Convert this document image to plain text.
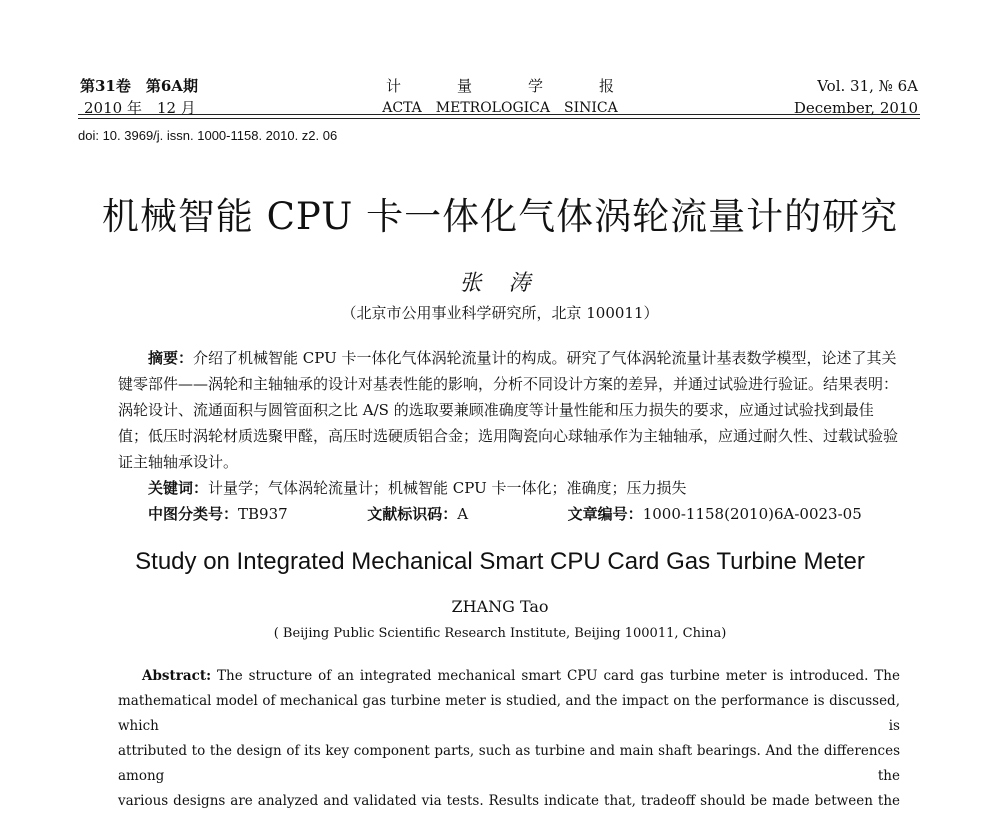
第31卷　第6A期
2010 年　12 月
计	量	学	报
ACTA　METROLOGICA　SINICA
Vol. 31, № 6A
December, 2010
doi: 10. 3969/j. issn. 1000-1158. 2010. z2. 06
机械智能 CPU 卡一体化气体涡轮流量计的研究
张 涛
（北京市公用事业科学研究所，北京 100011）

摘要：介绍了机械智能 CPU 卡一体化气体涡轮流量计的构成。研究了气体涡轮流量计基表数学模型，论述了其关键零部件——涡轮和主轴轴承的设计对基表性能的影响，分析不同设计方案的差异，并通过试验进行验证。结果表明：涡轮设计、流通面积与圆管面积之比 A/S 的选取要兼顾准确度等计量性能和压力损失的要求，应通过试验找到最佳值；低压时涡轮材质选聚甲醛，高压时选硬质铝合金；选用陶瓷向心球轴承作为主轴轴承，应通过耐久性、过载试验验证主轴轴承设计。

关键词：计量学；气体涡轮流量计；机械智能 CPU 卡一体化；准确度；压力损失

中图分类号：TB937	文献标识码：A	文章编号：1000-1158(2010)6A-0023-05

Study on Integrated Mechanical Smart CPU Card Gas Turbine Meter
ZHANG Tao
( Beijing Public Scientific Research Institute, Beijing 100011, China)

Abstract: The structure of an integrated mechanical smart CPU card gas turbine meter is introduced. The

mathematical model of mechanical gas turbine meter is studied, and the impact on the performance is discussed, which is

attributed to the design of its key component parts, such as turbine and main shaft bearings. And the differences among the

various designs are analyzed and validated via tests. Results indicate that, tradeoff should be made between the
